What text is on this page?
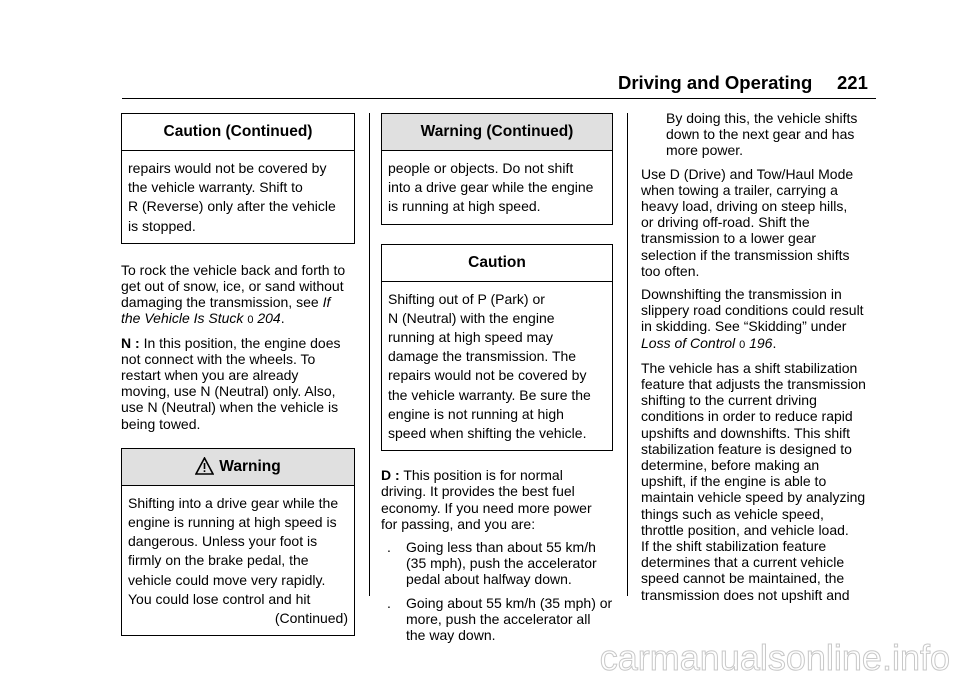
Driving and Operating 221
Caution (Continued)
repairs would not be covered by
the vehicle warranty. Shift to
R (Reverse) only after the vehicle
is stopped.
To rock the vehicle back and forth to
get out of snow, ice, or sand without
damaging the transmission, see If
the Vehicle Is Stuck 0 204.
N : In this position, the engine does
not connect with the wheels. To
restart when you are already
moving, use N (Neutral) only. Also,
use N (Neutral) when the vehicle is
being towed.
Warning
Shifting into a drive gear while the
engine is running at high speed is
dangerous. Unless your foot is
firmly on the brake pedal, the
vehicle could move very rapidly.
You could lose control and hit
(Continued)
Warning (Continued)
people or objects. Do not shift
into a drive gear while the engine
is running at high speed.
Caution
Shifting out of P (Park) or
N (Neutral) with the engine
running at high speed may
damage the transmission. The
repairs would not be covered by
the vehicle warranty. Be sure the
engine is not running at high
speed when shifting the vehicle.
D : This position is for normal
driving. It provides the best fuel
economy. If you need more power
for passing, and you are:
. Going less than about 55 km/h
(35 mph), push the accelerator
pedal about halfway down.
. Going about 55 km/h (35 mph) or
more, push the accelerator all
the way down.
By doing this, the vehicle shifts
down to the next gear and has
more power.
Use D (Drive) and Tow/Haul Mode
when towing a trailer, carrying a
heavy load, driving on steep hills,
or driving off-road. Shift the
transmission to a lower gear
selection if the transmission shifts
too often.
Downshifting the transmission in
slippery road conditions could result
in skidding. See “Skidding” under
Loss of Control 0 196.
The vehicle has a shift stabilization
feature that adjusts the transmission
shifting to the current driving
conditions in order to reduce rapid
upshifts and downshifts. This shift
stabilization feature is designed to
determine, before making an
upshift, if the engine is able to
maintain vehicle speed by analyzing
things such as vehicle speed,
throttle position, and vehicle load.
If the shift stabilization feature
determines that a current vehicle
speed cannot be maintained, the
transmission does not upshift and
carmanualsonline.info
